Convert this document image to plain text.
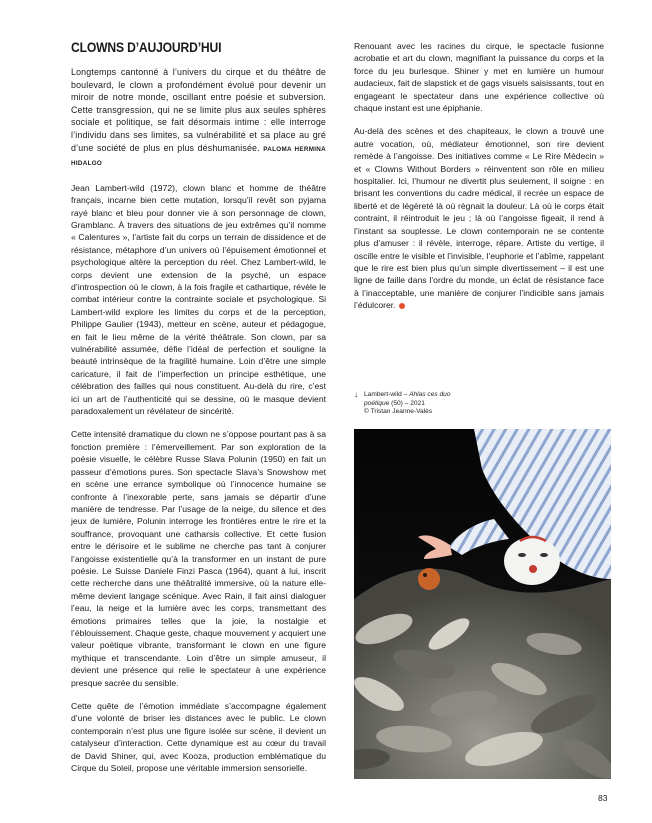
CLOWNS D’AUJOURD’HUI

Longtemps cantonné à l’univers du cirque et du théâtre de boulevard, le clown a profondément évolué pour devenir un miroir de notre monde, oscillant entre poésie et subversion. Cette transgression, qui ne se limite plus aux seules sphères sociale et politique, se fait désormais intime : elle interroge l’individu dans ses limites, sa vulnérabilité et sa place au gré d’une société de plus en plus déshumanisée. PALOMA HERMINA HIDALGO

Jean Lambert-wild (1972), clown blanc et homme de théâtre français, incarne bien cette mutation, lorsqu’il revêt son pyjama rayé blanc et bleu pour donner vie à son personnage de clown, Gramblanc. À travers des situations de jeu extrêmes qu’il nomme « Calentures », l’artiste fait du corps un terrain de dissidence et de résistance, métaphore d’un univers où l’épuisement émotionnel et psychologique altère la perception du réel. Chez Lambert-wild, le corps devient une extension de la psyché, un espace d’introspection où le clown, à la fois fragile et cathartique, révèle le combat intérieur contre la contrainte sociale et psychologique. Si Lambert-wild explore les limites du corps et de la perception, Philippe Gaulier (1943), metteur en scène, auteur et pédagogue, en fait le lieu même de la vérité théâtrale. Son clown, par sa vulnérabilité assumée, défie l’idéal de perfection et souligne la beauté intrinsèque de la fragilité humaine. Loin d’être une simple caricature, il fait de l’imperfection un principe esthétique, une célébration des failles qui nous constituent. Au-delà du rire, c’est ici un art de l’authenticité qui se dessine, où le masque devient paradoxalement un révélateur de sincérité.

Cette intensité dramatique du clown ne s’oppose pourtant pas à sa fonction première : l’émerveillement. Par son exploration de la poésie visuelle, le célèbre Russe Slava Polunin (1950) en fait un passeur d’émotions pures. Son spectacle Slava’s Snowshow met en scène une errance symbolique où l’innocence humaine se confronte à l’inexorable perte, sans jamais se départir d’une manière de tendresse. Par l’usage de la neige, du silence et des jeux de lumière, Polunin interroge les frontières entre le rire et la souffrance, provoquant une catharsis collective. Et cette fusion entre le dérisoire et le sublime ne cherche pas tant à conjurer l’angoisse existentielle qu’à la transformer en un instant de pure poésie. Le Suisse Daniele Finzi Pasca (1964), quant à lui, inscrit cette recherche dans une théâtralité immersive, où la nature elle-même devient langage scénique. Avec Rain, il fait ainsi dialoguer l’eau, la neige et la lumière avec les corps, transmettant des émotions primaires telles que la joie, la nostalgie et l’éblouissement. Chaque geste, chaque mouvement y acquiert une valeur poétique vibrante, transformant le clown en une figure mythique et transcendante. Loin d’être un simple amuseur, il devient une présence qui relie le spectateur à une expérience presque sacrée du sensible.

Cette quête de l’émotion immédiate s’accompagne également d’une volonté de briser les distances avec le public. Le clown contemporain n’est plus une figure isolée sur scène, il devient un catalyseur d’interaction. Cette dynamique est au cœur du travail de David Shiner, qui, avec Kooza, production emblématique du Cirque du Soleil, propose une véritable immersion sensorielle.

Renouant avec les racines du cirque, le spectacle fusionne acrobatie et art du clown, magnifiant la puissance du corps et la force du jeu burlesque. Shiner y met en lumière un humour audacieux, fait de slapstick et de gags visuels saisissants, tout en engageant le spectateur dans une expérience collective où chaque instant est une épiphanie.

Au-delà des scènes et des chapiteaux, le clown a trouvé une autre vocation, où, médiateur émotionnel, son rire devient remède à l’angoisse. Des initiatives comme « Le Rire Médecin » et « Clowns Without Borders » réinventent son rôle en milieu hospitalier. Ici, l’humour ne divertit plus seulement, il soigne : en brisant les conventions du cadre médical, il recrée un espace de liberté et de légèreté là où règnait la douleur. Là où le corps était contraint, il réintroduit le jeu ; là où l’angoisse figeait, il rend à l’instant sa souplesse. Le clown contemporain ne se contente plus d’amuser : il révèle, interroge, répare. Artiste du vertige, il oscille entre le visible et l’invisible, l’euphorie et l’abîme, rappelant que le rire est bien plus qu’un simple divertissement – il est une ligne de faille dans l’ordre du monde, un éclat de résistance face à l’inacceptable, une manière de conjurer l’indicible sans jamais l’édulcorer.

↓ Lambert-wild – Ahlas ces duo poétique (50) – 2021
© Tristan Jeanne-Valès
83
